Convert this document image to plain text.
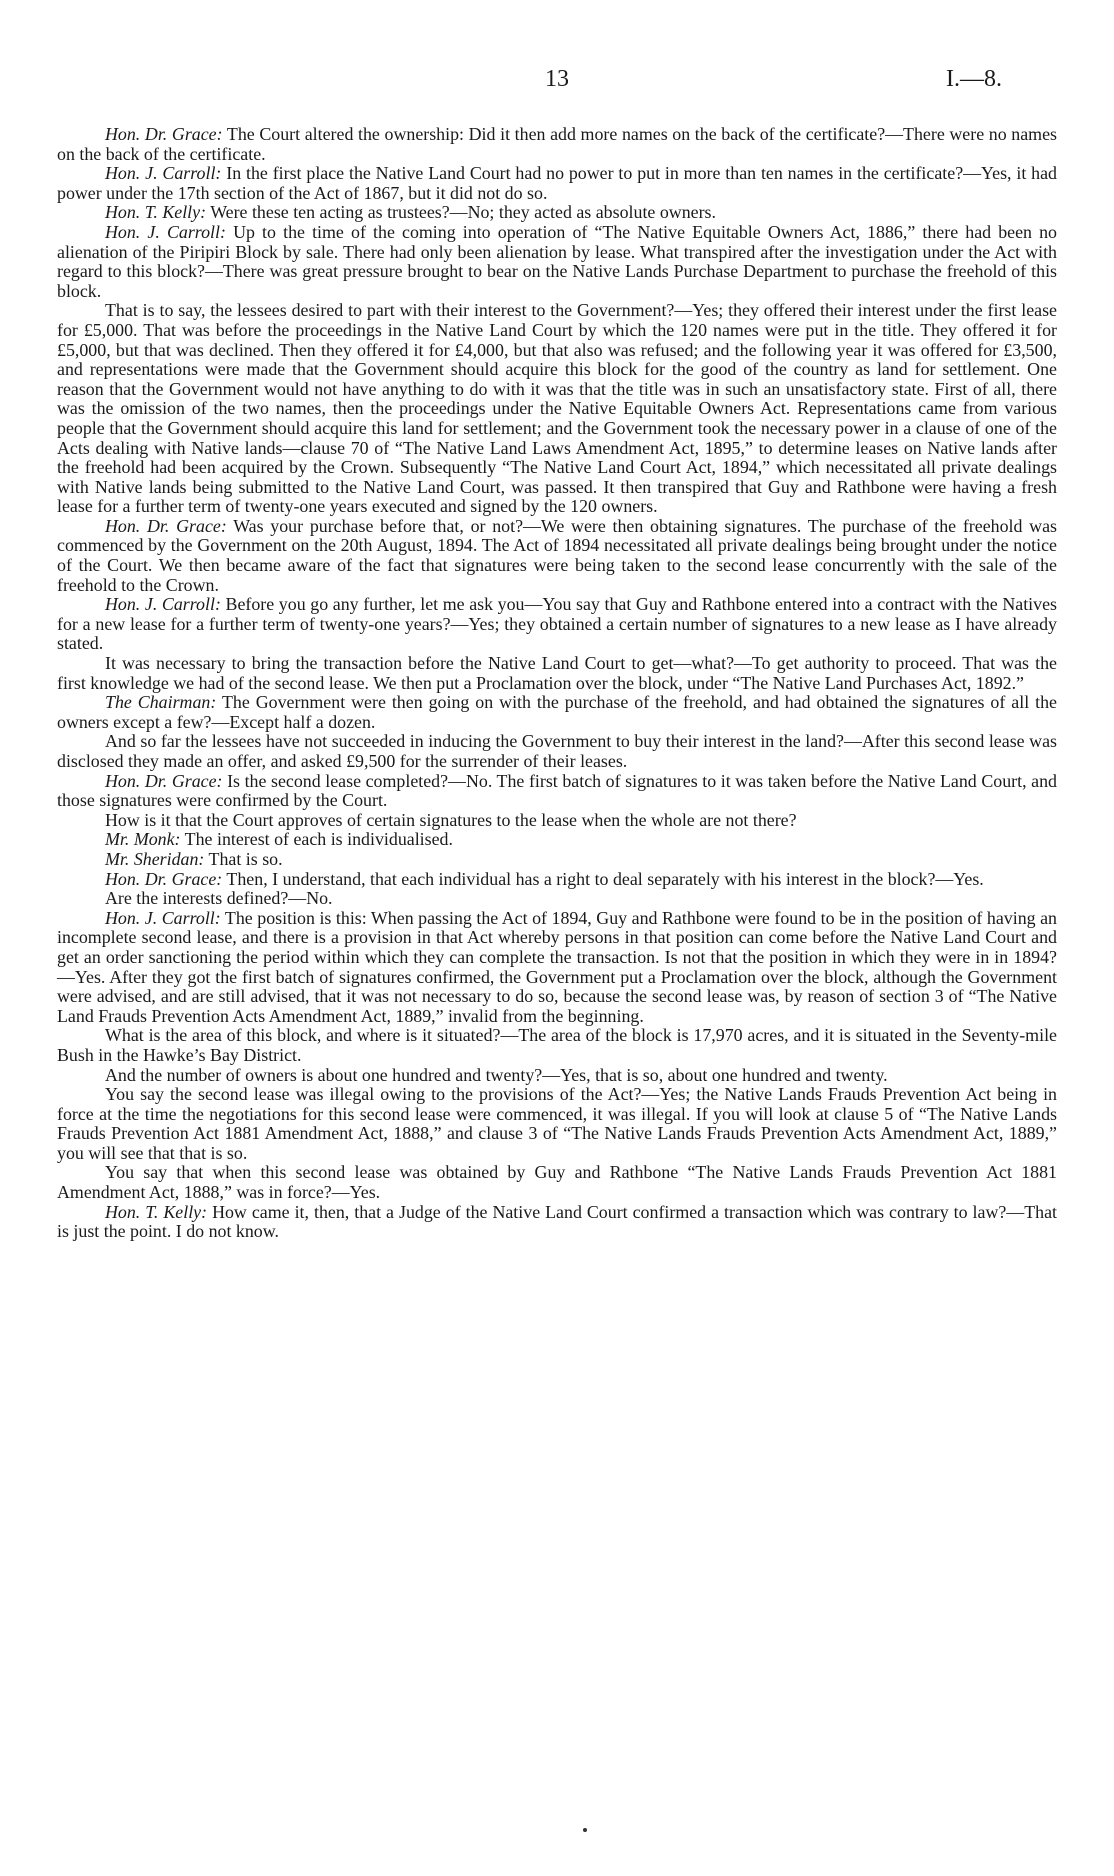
13	I.—8.

Hon. Dr. Grace: The Court altered the ownership: Did it then add more names on the back of the certificate?—There were no names on the back of the certificate.

Hon. J. Carroll: In the first place the Native Land Court had no power to put in more than ten names in the certificate?—Yes, it had power under the 17th section of the Act of 1867, but it did not do so.

Hon. T. Kelly: Were these ten acting as trustees?—No; they acted as absolute owners.

Hon. J. Carroll: Up to the time of the coming into operation of “The Native Equitable Owners Act, 1886,” there had been no alienation of the Piripiri Block by sale. There had only been alienation by lease. What transpired after the investigation under the Act with regard to this block?—There was great pressure brought to bear on the Native Lands Purchase Department to purchase the freehold of this block.

That is to say, the lessees desired to part with their interest to the Government?—Yes; they offered their interest under the first lease for £5,000. That was before the proceedings in the Native Land Court by which the 120 names were put in the title. They offered it for £5,000, but that was declined. Then they offered it for £4,000, but that also was refused; and the following year it was offered for £3,500, and representations were made that the Government should acquire this block for the good of the country as land for settlement. One reason that the Government would not have anything to do with it was that the title was in such an unsatisfactory state. First of all, there was the omission of the two names, then the proceedings under the Native Equitable Owners Act. Representations came from various people that the Government should acquire this land for settlement; and the Government took the necessary power in a clause of one of the Acts dealing with Native lands—clause 70 of “The Native Land Laws Amendment Act, 1895,” to determine leases on Native lands after the freehold had been acquired by the Crown. Subsequently “The Native Land Court Act, 1894,” which necessitated all private dealings with Native lands being submitted to the Native Land Court, was passed. It then transpired that Guy and Rathbone were having a fresh lease for a further term of twenty-one years executed and signed by the 120 owners.

Hon. Dr. Grace: Was your purchase before that, or not?—We were then obtaining signatures. The purchase of the freehold was commenced by the Government on the 20th August, 1894. The Act of 1894 necessitated all private dealings being brought under the notice of the Court. We then became aware of the fact that signatures were being taken to the second lease concurrently with the sale of the freehold to the Crown.

Hon. J. Carroll: Before you go any further, let me ask you—You say that Guy and Rathbone entered into a contract with the Natives for a new lease for a further term of twenty-one years?—Yes; they obtained a certain number of signatures to a new lease as I have already stated.

It was necessary to bring the transaction before the Native Land Court to get—what?—To get authority to proceed. That was the first knowledge we had of the second lease. We then put a Proclamation over the block, under “The Native Land Purchases Act, 1892.”

The Chairman: The Government were then going on with the purchase of the freehold, and had obtained the signatures of all the owners except a few?—Except half a dozen.

And so far the lessees have not succeeded in inducing the Government to buy their interest in the land?—After this second lease was disclosed they made an offer, and asked £9,500 for the surrender of their leases.

Hon. Dr. Grace: Is the second lease completed?—No. The first batch of signatures to it was taken before the Native Land Court, and those signatures were confirmed by the Court.

How is it that the Court approves of certain signatures to the lease when the whole are not there?

Mr. Monk: The interest of each is individualised.

Mr. Sheridan: That is so.

Hon. Dr. Grace: Then, I understand, that each individual has a right to deal separately with his interest in the block?—Yes.

Are the interests defined?—No.

Hon. J. Carroll: The position is this: When passing the Act of 1894, Guy and Rathbone were found to be in the position of having an incomplete second lease, and there is a provision in that Act whereby persons in that position can come before the Native Land Court and get an order sanctioning the period within which they can complete the transaction. Is not that the position in which they were in in 1894?—Yes. After they got the first batch of signatures confirmed, the Government put a Proclamation over the block, although the Government were advised, and are still advised, that it was not necessary to do so, because the second lease was, by reason of section 3 of “The Native Land Frauds Prevention Acts Amendment Act, 1889,” invalid from the beginning.

What is the area of this block, and where is it situated?—The area of the block is 17,970 acres, and it is situated in the Seventy-mile Bush in the Hawke’s Bay District.

And the number of owners is about one hundred and twenty?—Yes, that is so, about one hundred and twenty.

You say the second lease was illegal owing to the provisions of the Act?—Yes; the Native Lands Frauds Prevention Act being in force at the time the negotiations for this second lease were commenced, it was illegal. If you will look at clause 5 of “The Native Lands Frauds Prevention Act 1881 Amendment Act, 1888,” and clause 3 of “The Native Lands Frauds Prevention Acts Amendment Act, 1889,” you will see that that is so.

You say that when this second lease was obtained by Guy and Rathbone “The Native Lands Frauds Prevention Act 1881 Amendment Act, 1888,” was in force?—Yes.

Hon. T. Kelly: How came it, then, that a Judge of the Native Land Court confirmed a transaction which was contrary to law?—That is just the point. I do not know.
